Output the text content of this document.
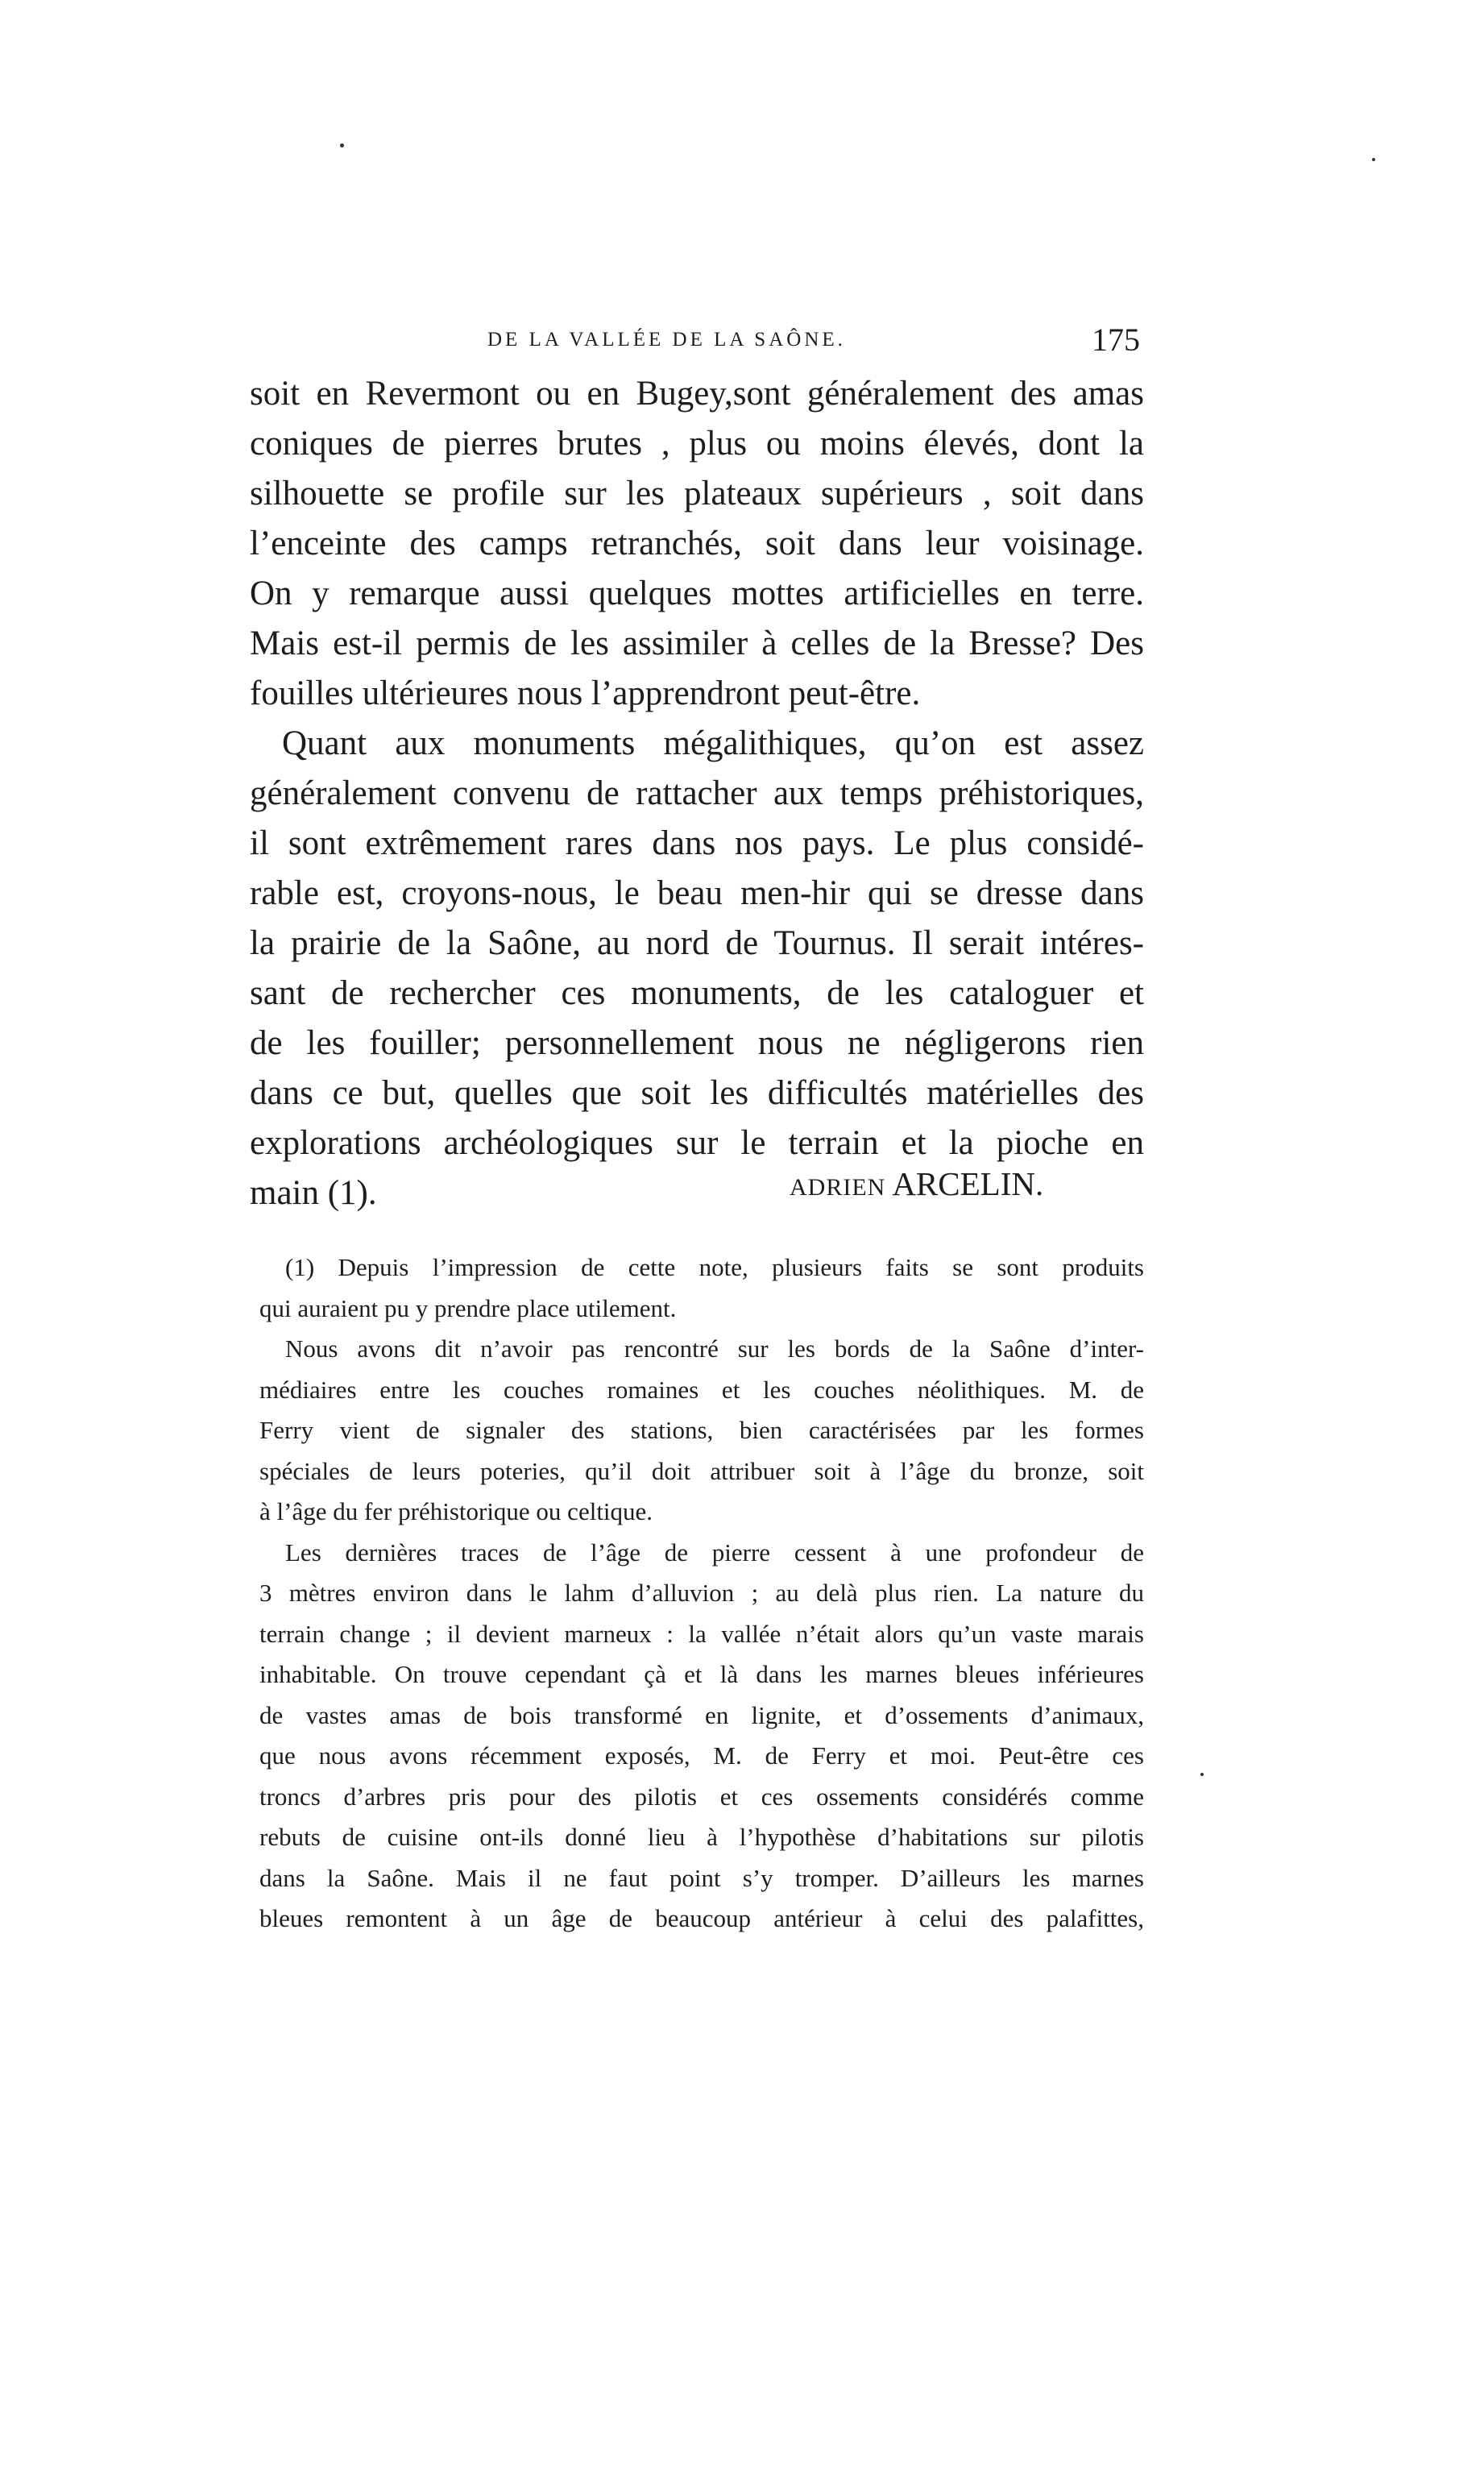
DE LA VALLÉE DE LA SAÔNE.	175
soit en Revermont ou en Bugey,sont généralement des amas
coniques de pierres brutes , plus ou moins élevés, dont la
silhouette se profile sur les plateaux supérieurs , soit dans
l’enceinte des camps retranchés, soit dans leur voisinage.
On y remarque aussi quelques mottes artificielles en terre.
Mais est-il permis de les assimiler à celles de la Bresse? Des
fouilles ultérieures nous l’apprendront peut-être.
Quant aux monuments mégalithiques, qu’on est assez
généralement convenu de rattacher aux temps préhistoriques,
il sont extrêmement rares dans nos pays. Le plus considé-
rable est, croyons-nous, le beau men-hir qui se dresse dans
la prairie de la Saône, au nord de Tournus. Il serait intéres-
sant de rechercher ces monuments, de les cataloguer et
de les fouiller; personnellement nous ne négligerons rien
dans ce but, quelles que soit les difficultés matérielles des
explorations archéologiques sur le terrain et la pioche en
main (1).	ADRIEN ARCELIN.
(1) Depuis l’impression de cette note, plusieurs faits se sont produits
qui auraient pu y prendre place utilement.
Nous avons dit n’avoir pas rencontré sur les bords de la Saône d’inter-
médiaires entre les couches romaines et les couches néolithiques. M. de
Ferry vient de signaler des stations, bien caractérisées par les formes
spéciales de leurs poteries, qu’il doit attribuer soit à l’âge du bronze, soit
à l’âge du fer préhistorique ou celtique.
Les dernières traces de l’âge de pierre cessent à une profondeur de
3 mètres environ dans le lahm d’alluvion ; au delà plus rien. La nature du
terrain change ; il devient marneux : la vallée n’était alors qu’un vaste marais
inhabitable. On trouve cependant çà et là dans les marnes bleues inférieures
de vastes amas de bois transformé en lignite, et d’ossements d’animaux,
que nous avons récemment exposés, M. de Ferry et moi. Peut-être ces
troncs d’arbres pris pour des pilotis et ces ossements considérés comme
rebuts de cuisine ont-ils donné lieu à l’hypothèse d’habitations sur pilotis
dans la Saône. Mais il ne faut point s’y tromper. D’ailleurs les marnes
bleues remontent à un âge de beaucoup antérieur à celui des palafittes,
